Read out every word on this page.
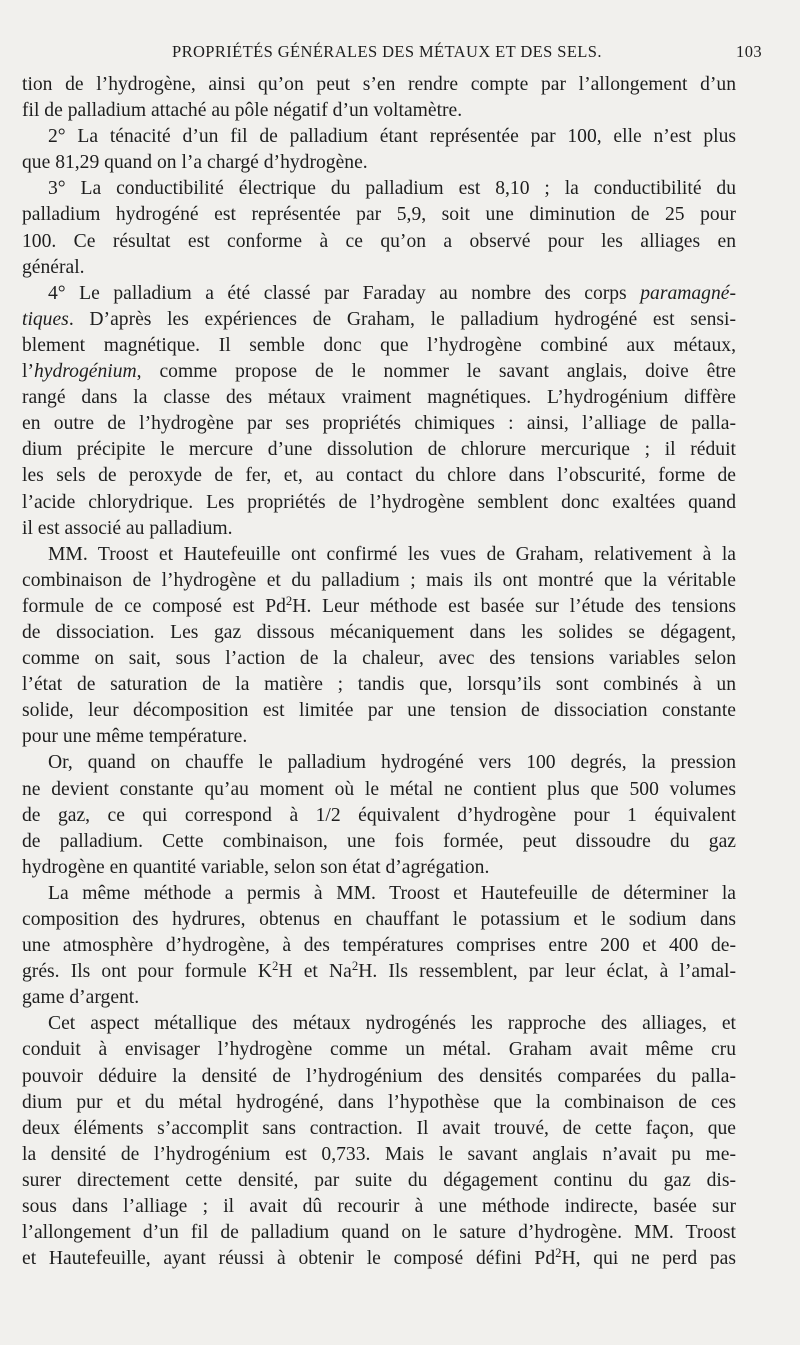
PROPRIÉTÉS GÉNÉRALES DES MÉTAUX ET DES SELS.	103
tion de l’hydrogène, ainsi qu’on peut s’en rendre compte par l’allongement d’un
fil de palladium attaché au pôle négatif d’un voltamètre.
2° La ténacité d’un fil de palladium étant représentée par 100, elle n’est plus
que 81,29 quand on l’a chargé d’hydrogène.
3° La conductibilité électrique du palladium est 8,10 ; la conductibilité du
palladium hydrogéné est représentée par 5,9, soit une diminution de 25 pour
100. Ce résultat est conforme à ce qu’on a observé pour les alliages en
général.
4° Le palladium a été classé par Faraday au nombre des corps paramagné-
tiques. D’après les expériences de Graham, le palladium hydrogéné est sensi-
blement magnétique. Il semble donc que l’hydrogène combiné aux métaux,
l’hydrogénium, comme propose de le nommer le savant anglais, doive être
rangé dans la classe des métaux vraiment magnétiques. L’hydrogénium diffère
en outre de l’hydrogène par ses propriétés chimiques : ainsi, l’alliage de palla-
dium précipite le mercure d’une dissolution de chlorure mercurique ; il réduit
les sels de peroxyde de fer, et, au contact du chlore dans l’obscurité, forme de
l’acide chlorydrique. Les propriétés de l’hydrogène semblent donc exaltées quand
il est associé au palladium.
MM. Troost et Hautefeuille ont confirmé les vues de Graham, relativement à la
combinaison de l’hydrogène et du palladium ; mais ils ont montré que la véritable
formule de ce composé est Pd$^2$H. Leur méthode est basée sur l’étude des tensions
de dissociation. Les gaz dissous mécaniquement dans les solides se dégagent,
comme on sait, sous l’action de la chaleur, avec des tensions variables selon
l’état de saturation de la matière ; tandis que, lorsqu’ils sont combinés à un
solide, leur décomposition est limitée par une tension de dissociation constante
pour une même température.
Or, quand on chauffe le palladium hydrogéné vers 100 degrés, la pression
ne devient constante qu’au moment où le métal ne contient plus que 500 volumes
de gaz, ce qui correspond à 1/2 équivalent d’hydrogène pour 1 équivalent
de palladium. Cette combinaison, une fois formée, peut dissoudre du gaz
hydrogène en quantité variable, selon son état d’agrégation.
La même méthode a permis à MM. Troost et Hautefeuille de déterminer la
composition des hydrures, obtenus en chauffant le potassium et le sodium dans
une atmosphère d’hydrogène, à des températures comprises entre 200 et 400 de-
grés. Ils ont pour formule $K^2H$ et Na$^2$H. Ils ressemblent, par leur éclat, à l’amal-
game d’argent.
Cet aspect métallique des métaux nydrogénés les rapproche des alliages, et
conduit à envisager l’hydrogène comme un métal. Graham avait même cru
pouvoir déduire la densité de l’hydrogénium des densités comparées du palla-
dium pur et du métal hydrogéné, dans l’hypothèse que la combinaison de ces
deux éléments s’accomplit sans contraction. Il avait trouvé, de cette façon, que
la densité de l’hydrogénium est 0,733. Mais le savant anglais n’avait pu me-
surer directement cette densité, par suite du dégagement continu du gaz dis-
sous dans l’alliage ; il avait dû recourir à une méthode indirecte, basée sur
l’allongement d’un fil de palladium quand on le sature d’hydrogène. MM. Troost
et Hautefeuille, ayant réussi à obtenir le composé défini Pd$^2$H, qui ne perd pas
